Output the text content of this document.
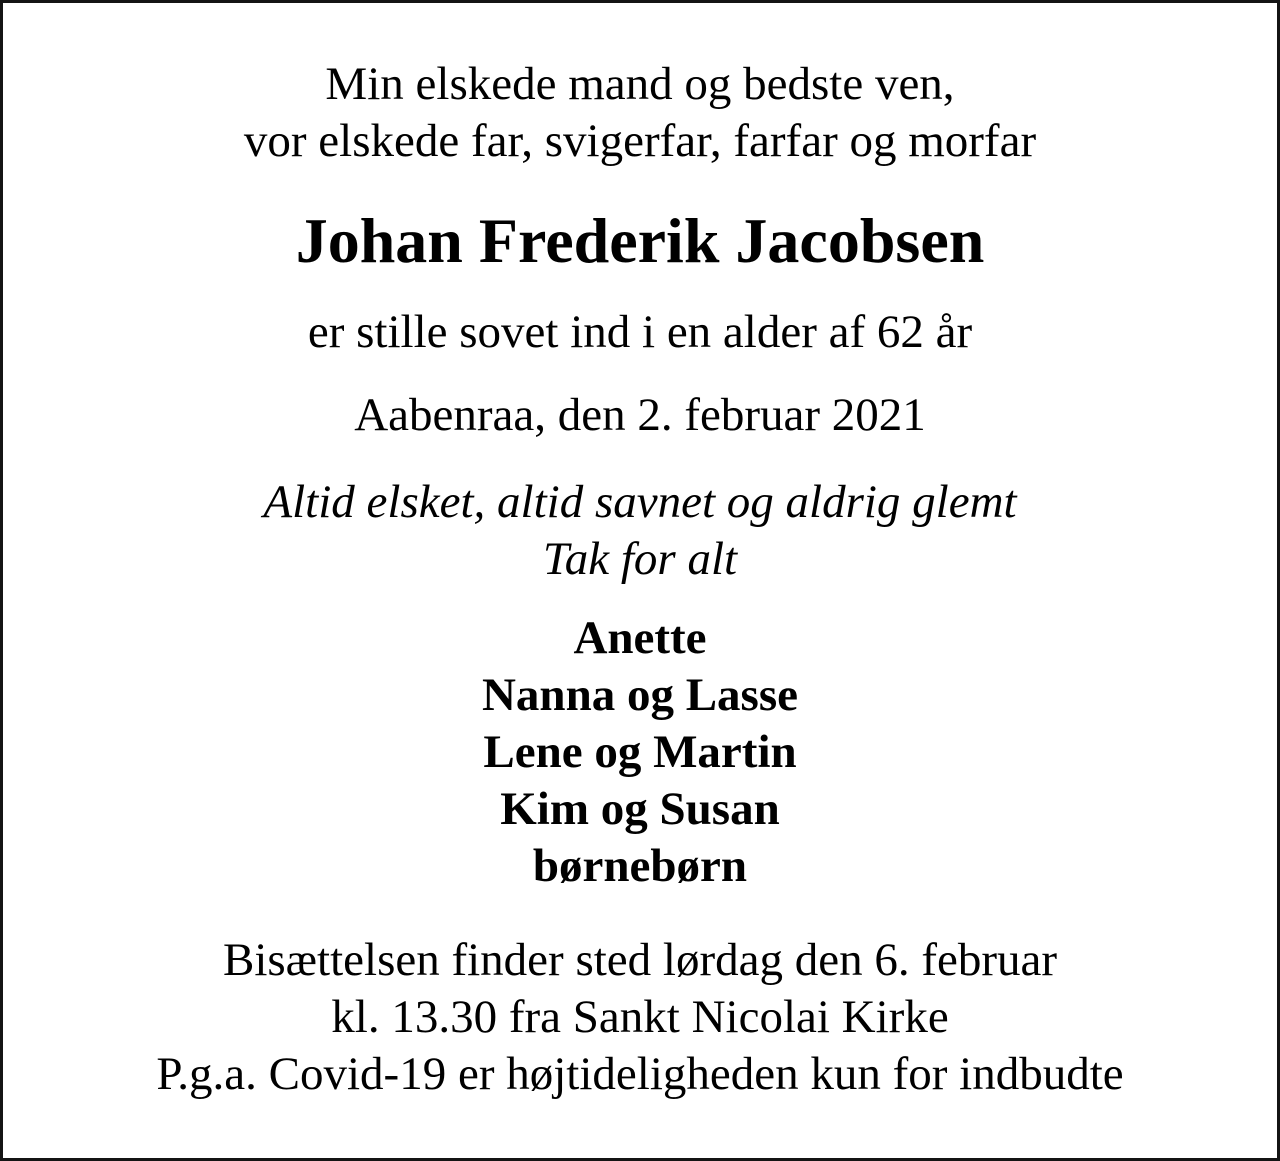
Min elskede mand og bedste ven,
vor elskede far, svigerfar, farfar og morfar
Johan Frederik Jacobsen
er stille sovet ind i en alder af 62 år
Aabenraa, den 2. februar 2021
Altid elsket, altid savnet og aldrig glemt
Tak for alt
Anette
Nanna og Lasse
Lene og Martin
Kim og Susan
børnebørn
Bisættelsen finder sted lørdag den 6. februar
kl. 13.30 fra Sankt Nicolai Kirke
P.g.a. Covid-19 er højtideligheden kun for indbudte
